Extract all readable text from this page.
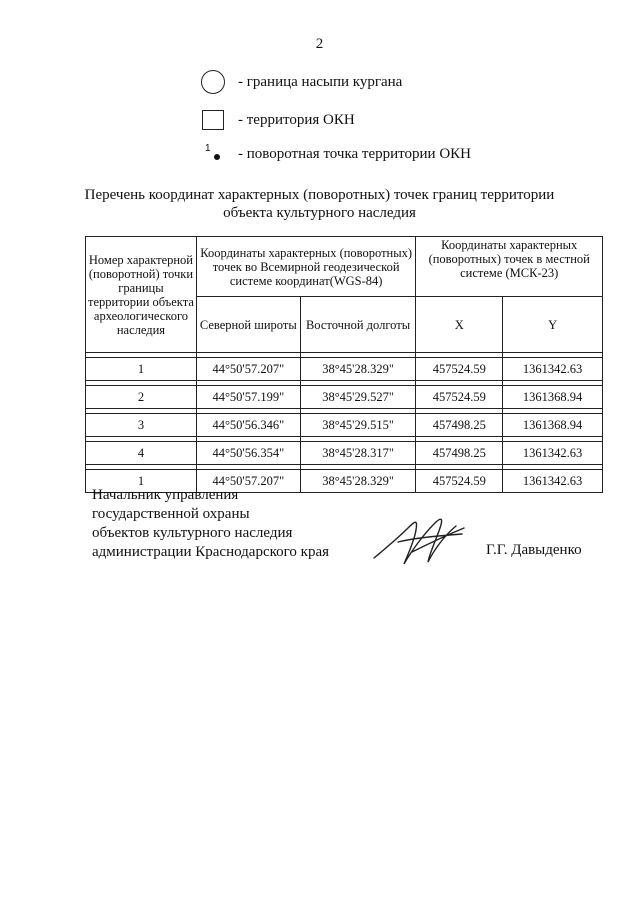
2
- граница насыпи кургана
- территория ОКН
1 - поворотная точка территории ОКН
Перечень координат характерных (поворотных) точек границ территории
объекта культурного наследия
Номер характерной (поворотной) точки границы территории объекта археологического наследия	Координаты характерных (поворотных) точек во Всемирной геодезической системе координат(WGS-84)		Координаты характерных (поворотных) точек в местной системе (МСК-23)	
	Северной широты	Восточной долготы	X	Y

1	44°50'57.207"	38°45'28.329"	457524.59	1361342.63

2	44°50'57.199"	38°45'29.527"	457524.59	1361368.94

3	44°50'56.346"	38°45'29.515"	457498.25	1361368.94

4	44°50'56.354"	38°45'28.317"	457498.25	1361342.63

1	44°50'57.207"	38°45'28.329"	457524.59	1361342.63
Начальник управления
государственной охраны
объектов культурного наследия
администрации Краснодарского края	Г.Г. Давыденко
